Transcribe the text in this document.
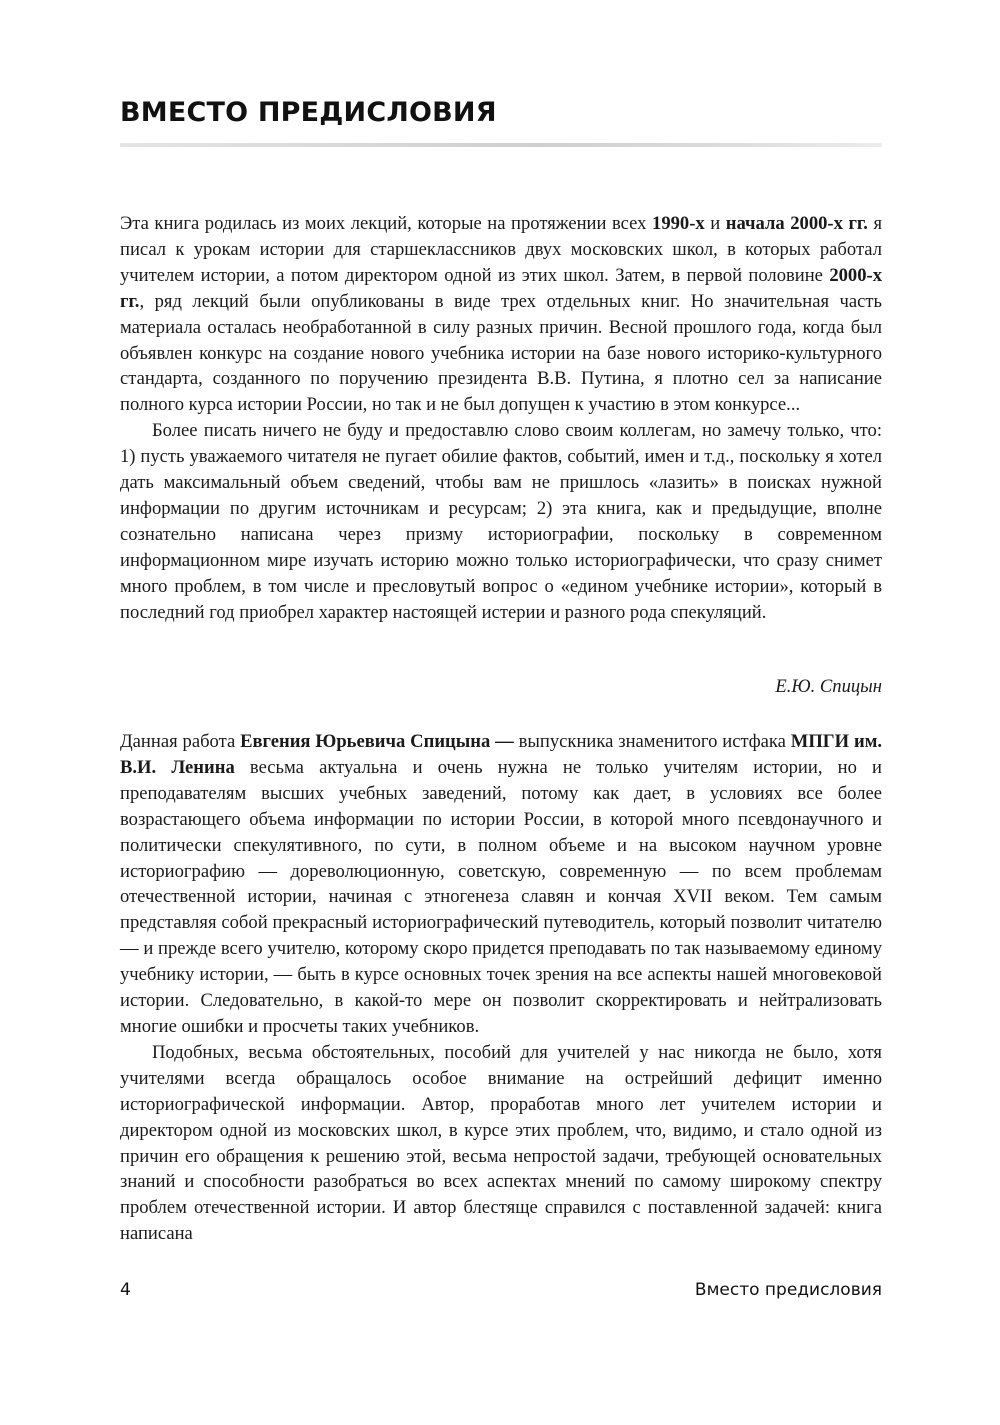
ВМЕСТО ПРЕДИСЛОВИЯ

Эта книга родилась из моих лекций, которые на протяжении всех 1990-х и начала 2000-х гг. я писал к урокам истории для старшеклассников двух московских школ, в которых работал учителем истории, а потом директором одной из этих школ. Затем, в первой половине 2000-х гг., ряд лекций были опубликованы в виде трех отдельных книг. Но значительная часть материала осталась необработанной в силу разных причин. Весной прошлого года, когда был объявлен конкурс на создание нового учебника истории на базе нового историко-культурного стандарта, созданного по поручению президента В.В. Путина, я плотно сел за написание полного курса истории России, но так и не был допущен к участию в этом конкурсе...

Более писать ничего не буду и предоставлю слово своим коллегам, но замечу только, что: 1) пусть уважаемого читателя не пугает обилие фактов, событий, имен и т.д., поскольку я хотел дать максимальный объем сведений, чтобы вам не пришлось «лазить» в поисках нужной информации по другим источникам и ресурсам; 2) эта книга, как и предыдущие, вполне сознательно написана через призму историографии, поскольку в современном информационном мире изучать историю можно только историографически, что сразу снимет много проблем, в том числе и пресловутый вопрос о «едином учебнике истории», который в последний год приобрел характер настоящей истерии и разного рода спекуляций.

Е.Ю. Спицын

Данная работа Евгения Юрьевича Спицына — выпускника знаменитого истфака МПГИ им. В.И. Ленина весьма актуальна и очень нужна не только учителям истории, но и преподавателям высших учебных заведений, потому как дает, в условиях все более возрастающего объема информации по истории России, в которой много псевдонаучного и политически спекулятивного, по сути, в полном объеме и на высоком научном уровне историографию — дореволюционную, советскую, современную — по всем проблемам отечественной истории, начиная с этногенеза славян и кончая XVII веком. Тем самым представляя собой прекрасный историографический путеводитель, который позволит читателю — и прежде всего учителю, которому скоро придется преподавать по так называемому единому учебнику истории, — быть в курсе основных точек зрения на все аспекты нашей многовековой истории. Следовательно, в какой-то мере он позволит скорректировать и нейтрализовать многие ошибки и просчеты таких учебников.

Подобных, весьма обстоятельных, пособий для учителей у нас никогда не было, хотя учителями всегда обращалось особое внимание на острейший дефицит именно историографической информации. Автор, проработав много лет учителем истории и директором одной из московских школ, в курсе этих проблем, что, видимо, и стало одной из причин его обращения к решению этой, весьма непростой задачи, требующей основательных знаний и способности разобраться во всех аспектах мнений по самому широкому спектру проблем отечественной истории. И автор блестяще справился с поставленной задачей: книга написана

4	Вместо предисловия
